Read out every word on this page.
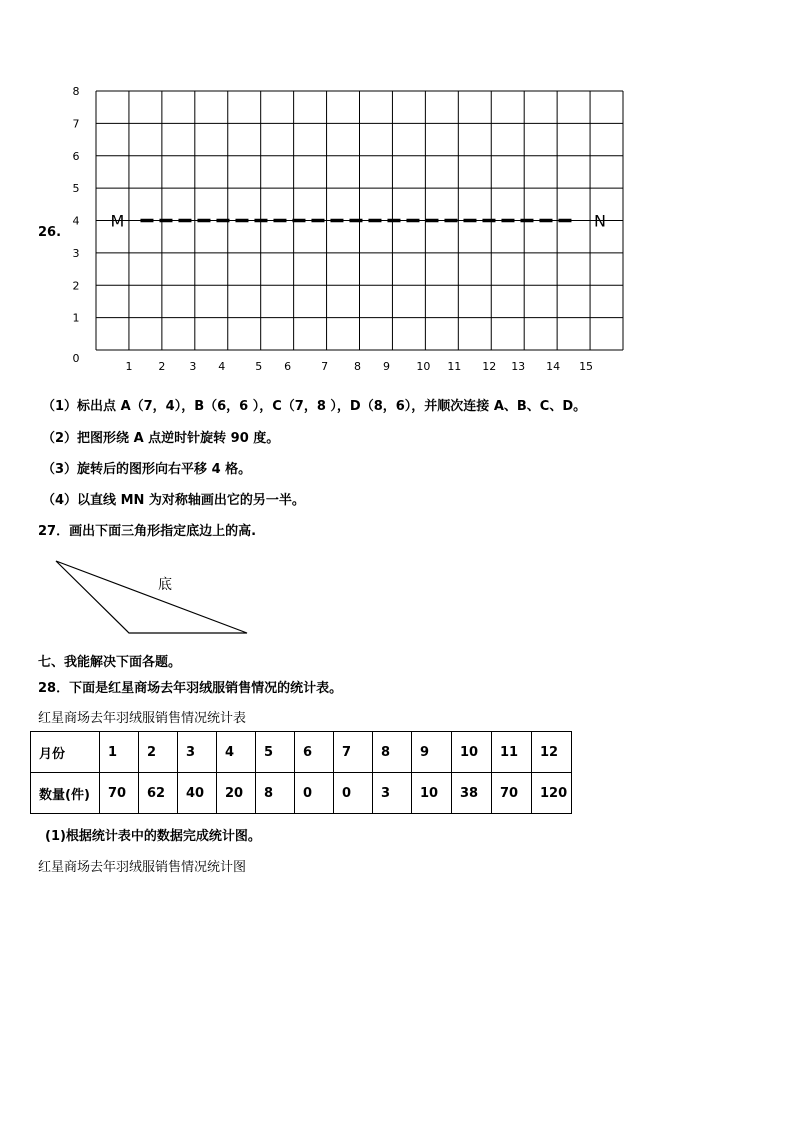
0
1
2
3
4
5
6
7
8
1 2 3 4	5 6	7 8 9 10 11 12 13 14 15
M	N
26.
（1）标出点 A（7，4），B（6，6 ），C（7，8 ），D（8，6），并顺次连接 A、B、C、D。
（2）把图形绕 A 点逆时针旋转 90 度。
（3）旋转后的图形向右平移 4 格。
（4）以直线 MN 为对称轴画出它的另一半。
27．画出下面三角形指定底边上的高.
底
七、我能解决下面各题。
28．下面是红星商场去年羽绒服销售情况的统计表。
红星商场去年羽绒服销售情况统计表
月份	1	2	3	4	5	6	7	8	9	10	11	12
数量(件)	70	62	40	20	8	0	0	3	10	38	70	120
(1)根据统计表中的数据完成统计图。
红星商场去年羽绒服销售情况统计图
